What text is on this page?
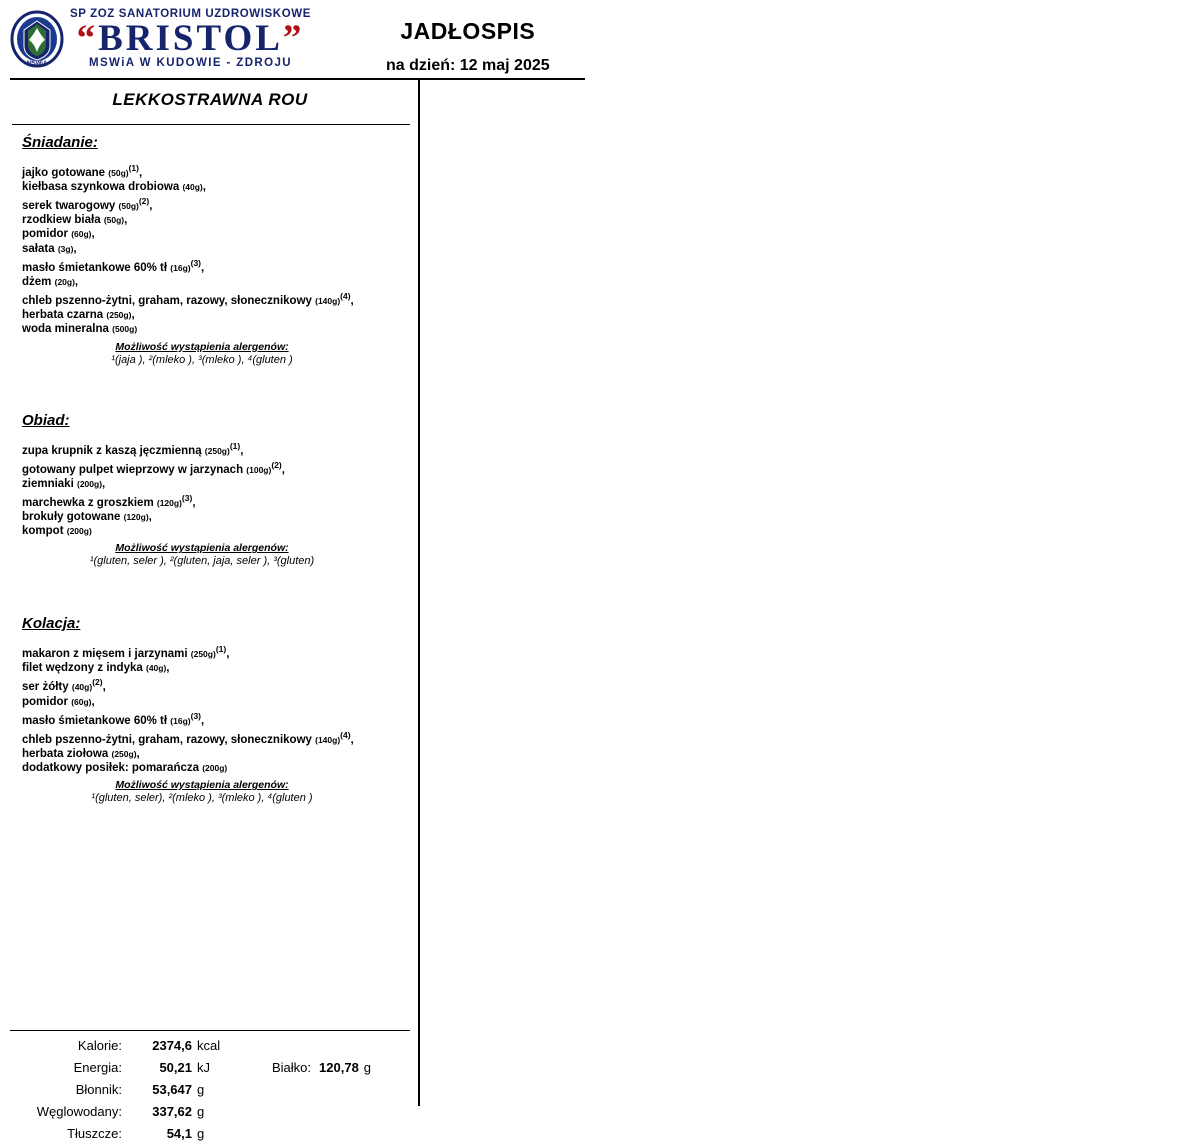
MSWiA
SP ZOZ SANATORIUM UZDROWISKOWE
“BRISTOL”
MSWiA W KUDOWIE - ZDROJU
JADŁOSPIS
na dzień: 12 maj 2025
LEKKOSTRAWNA ROU
Śniadanie:
jajko gotowane $(50g)^{(1)}$,
kiełbasa szynkowa drobiowa (40g),
serek twarogowy $(50g)^{(2)}$,
rzodkiew biała (50g),
pomidor (60g),
sałata (3g),
masło śmietankowe 60% tł $(16g)^{(3)}$,
dżem (20g),
chleb pszenno-żytni, graham, razowy, słonecznikowy $(140g)^{(4)}$,
herbata czarna (250g),
woda mineralna (500g)
Możliwość wystąpienia alergenów:
¹(jaja ), ²(mleko ), ³(mleko ), ⁴(gluten )
Obiad:
zupa krupnik z kaszą jęczmienną $(250g)^{(1)}$,
gotowany pulpet wieprzowy w jarzynach $(100g)^{(2)}$,
ziemniaki (200g),
marchewka z groszkiem $(120g)^{(3)}$,
brokuły gotowane (120g),
kompot (200g)
Możliwość wystąpienia alergenów:
¹(gluten, seler ), ²(gluten, jaja, seler ), ³(gluten)
Kolacja:
makaron z mięsem i jarzynami $(250g)^{(1)}$,
filet wędzony z indyka (40g),
ser żółty $(40g)^{(2)}$,
pomidor (60g),
masło śmietankowe 60% tł $(16g)^{(3)}$,
chleb pszenno-żytni, graham, razowy, słonecznikowy $(140g)^{(4)}$,
herbata ziołowa (250g),
dodatkowy posiłek: pomarańcza (200g)
Możliwość wystąpienia alergenów:
¹(gluten, seler), ²(mleko ), ³(mleko ), ⁴(gluten )
Kalorie:	2374,6 kcal
Energia:	50,21 kJ	Białko: 120,78 g
Błonnik:	53,647 g
Węglowodany:	337,62 g
Tłuszcze:	54,1 g
